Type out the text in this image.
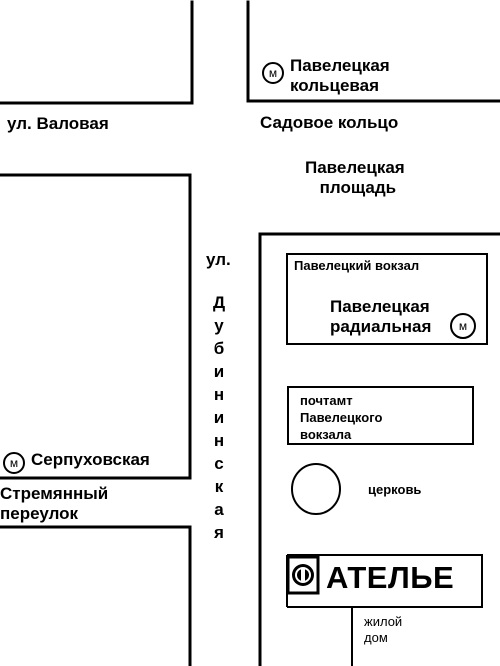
ул. Валовая	Садовое кольцо
Павелецкая
площадь
ул.
Д
у
б
и
н
и
н
с
к
а
я
Стремянный
переулок
м Павелецкая
кольцевая
Павелецкий вокзал
Павелецкая
радиальная	м
почтамт
Павелецкого
вокзала
церковь
м Серпуховская
АТЕЛЬЕ
жилой
дом
